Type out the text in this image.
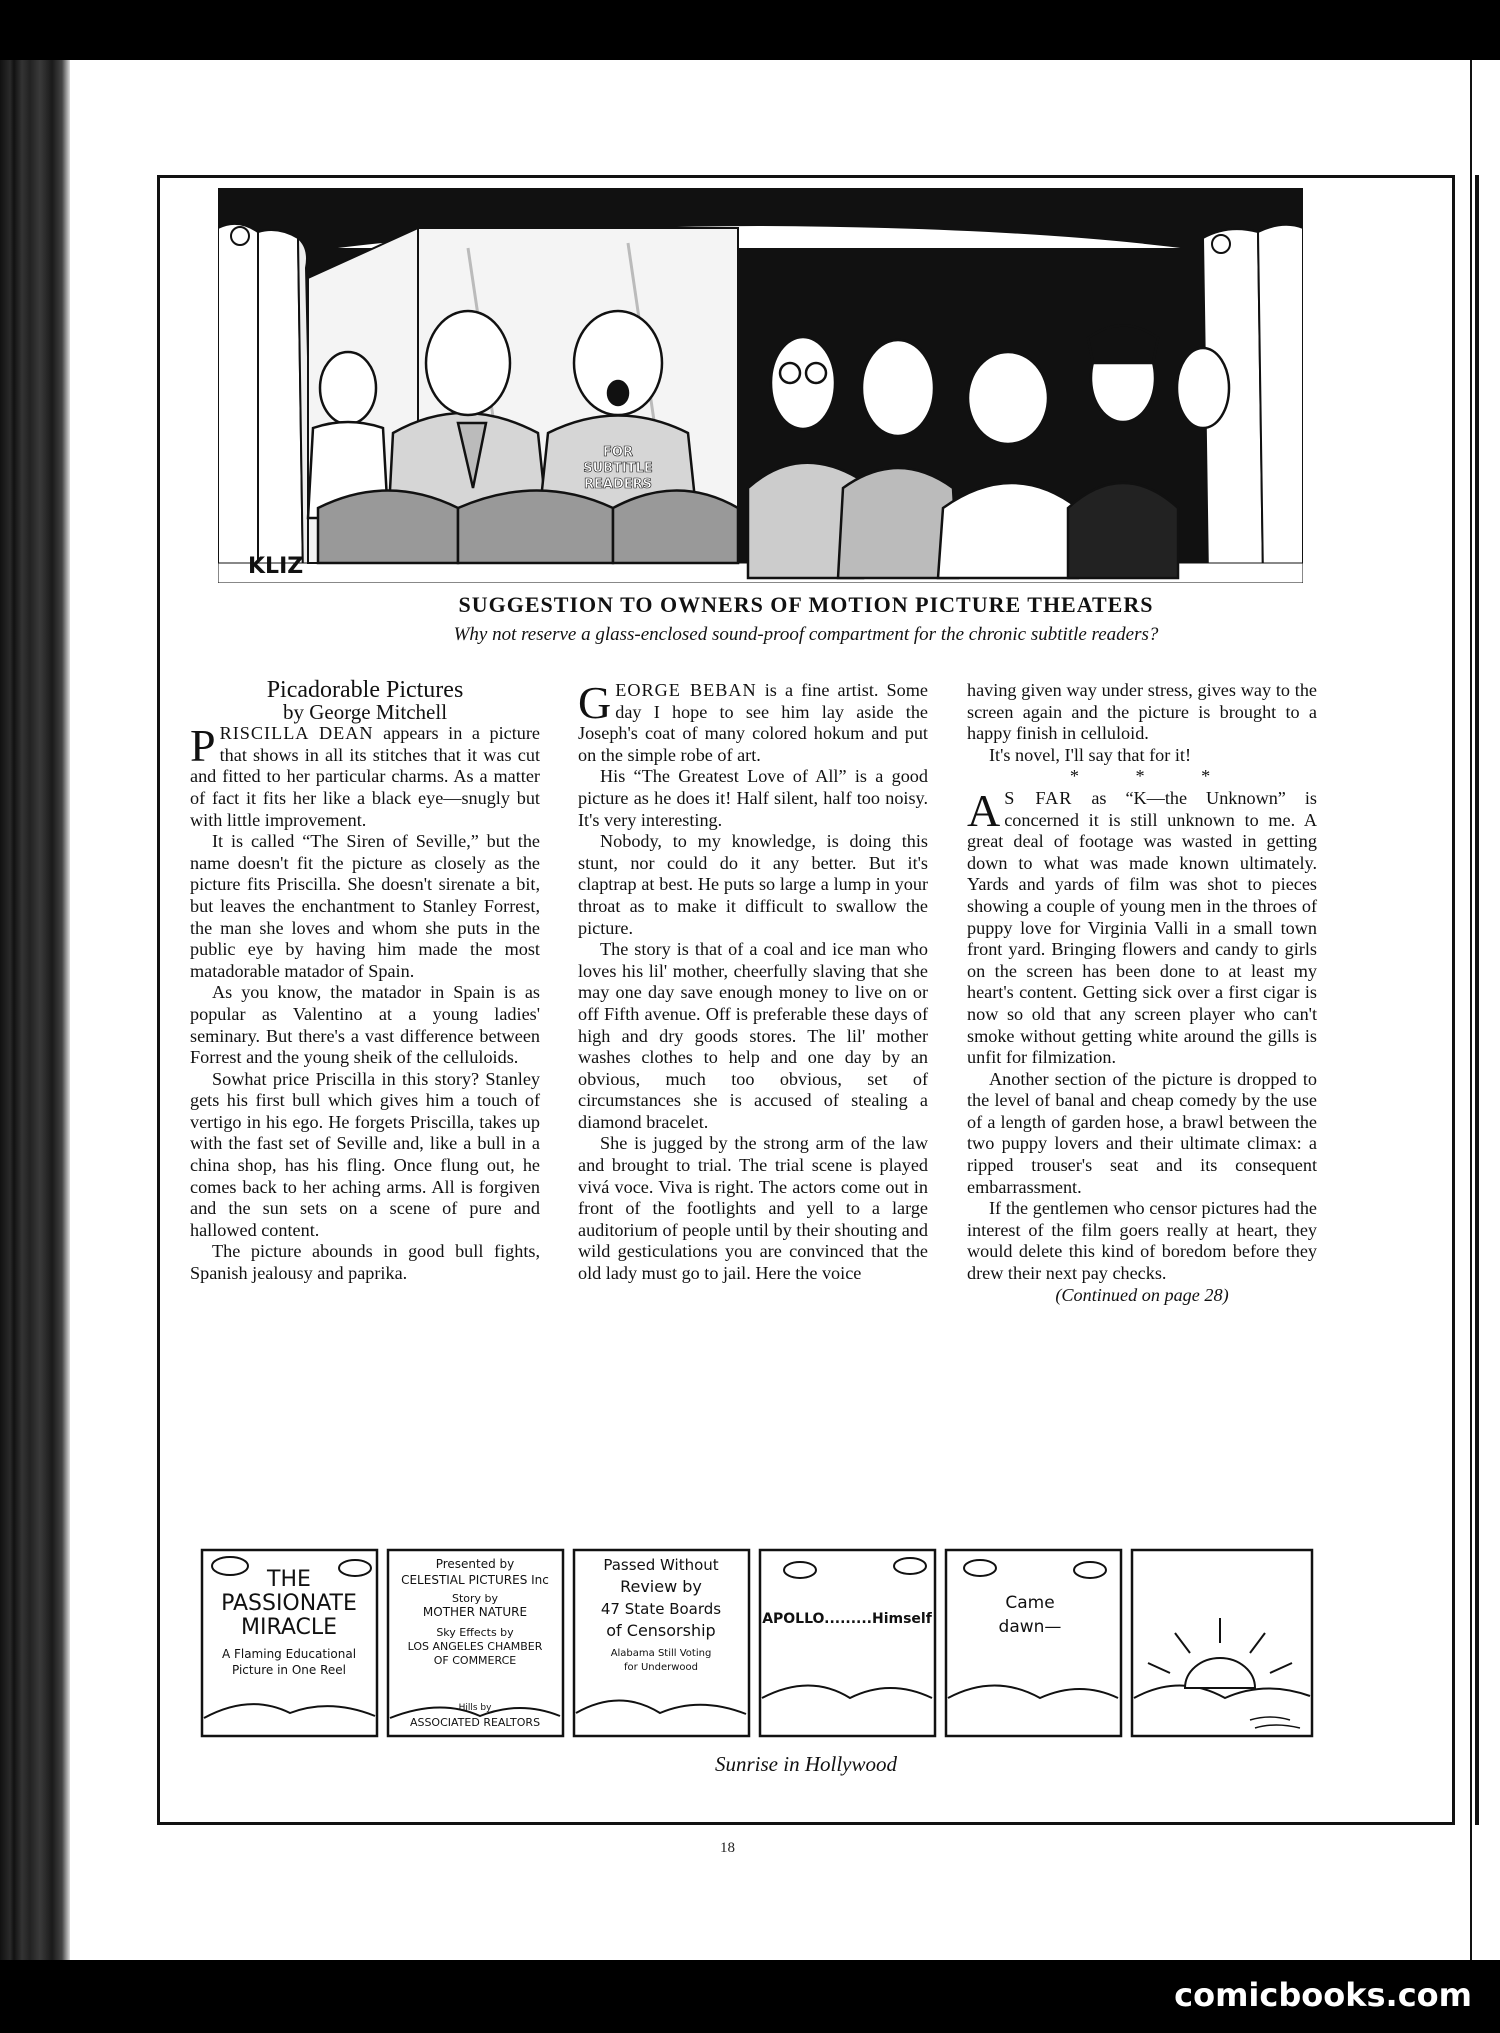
FOR
SUBTITLE
READERS
KLIZ
SUGGESTION TO OWNERS OF MOTION PICTURE THEATERS
Why not reserve a glass-enclosed sound-proof compartment for the chronic subtitle readers?

Picadorable Pictures

by George Mitchell

PRISCILLA DEAN appears in a picture that shows in all its stitches that it was cut and fitted to her particular charms. As a matter of fact it fits her like a black eye—snugly but with little improvement.

It is called “The Siren of Seville,” but the name doesn't fit the picture as closely as the picture fits Priscilla. She doesn't sirenate a bit, but leaves the enchantment to Stanley Forrest, the man she loves and whom she puts in the public eye by having him made the most matadorable matador of Spain.

As you know, the matador in Spain is as popular as Valentino at a young ladies' seminary. But there's a vast difference between Forrest and the young sheik of the celluloids.

Sowhat price Priscilla in this story? Stanley gets his first bull which gives him a touch of vertigo in his ego. He forgets Priscilla, takes up with the fast set of Seville and, like a bull in a china shop, has his fling. Once flung out, he comes back to her aching arms. All is forgiven and the sun sets on a scene of pure and hallowed content.

The picture abounds in good bull fights, Spanish jealousy and paprika.

GEORGE BEBAN is a fine artist. Some day I hope to see him lay aside the Joseph's coat of many colored hokum and put on the simple robe of art.

His “The Greatest Love of All” is a good picture as he does it! Half silent, half too noisy. It's very interesting.

Nobody, to my knowledge, is doing this stunt, nor could do it any better. But it's claptrap at best. He puts so large a lump in your throat as to make it difficult to swallow the picture.

The story is that of a coal and ice man who loves his lil' mother, cheerfully slaving that she may one day save enough money to live on or off Fifth avenue. Off is preferable these days of high and dry goods stores. The lil' mother washes clothes to help and one day by an obvious, much too obvious, set of circumstances she is accused of stealing a diamond bracelet.

She is jugged by the strong arm of the law and brought to trial. The trial scene is played vivá voce. Viva is right. The actors come out in front of the footlights and yell to a large auditorium of people until by their shouting and wild gesticulations you are convinced that the old lady must go to jail. Here the voice

having given way under stress, gives way to the screen again and the picture is brought to a happy finish in celluloid.

It's novel, I'll say that for it!

* * *

A S FAR as “K—the Unknown” is concerned it is still unknown to me. A great deal of footage was wasted in getting down to what was made known ultimately. Yards and yards of film was shot to pieces showing a couple of young men in the throes of puppy love for Virginia Valli in a small town front yard. Bringing flowers and candy to girls on the screen has been done to at least my heart's content. Getting sick over a first cigar is now so old that any screen player who can't smoke without getting white around the gills is unfit for filmization.

Another section of the picture is dropped to the level of banal and cheap comedy by the use of a length of garden hose, a brawl between the two puppy lovers and their ultimate climax: a ripped trouser's seat and its consequent embarrassment.

If the gentlemen who censor pictures had the interest of the film goers really at heart, they would delete this kind of boredom before they drew their next pay checks.

(Continued on page 28)

THE
PASSIONATE
MIRACLE
A Flaming Educational
Picture in One Reel
Presented by
CELESTIAL PICTURES Inc
Story by
MOTHER NATURE
Sky Effects by
LOS ANGELES CHAMBER
OF COMMERCE
Hills by
ASSOCIATED REALTORS
Passed Without
Review by
47 State Boards
of Censorship
Alabama Still Voting
for Underwood
APOLLO.........Himself
Came
dawn—
Sunrise in Hollywood
18
comicbooks.com
